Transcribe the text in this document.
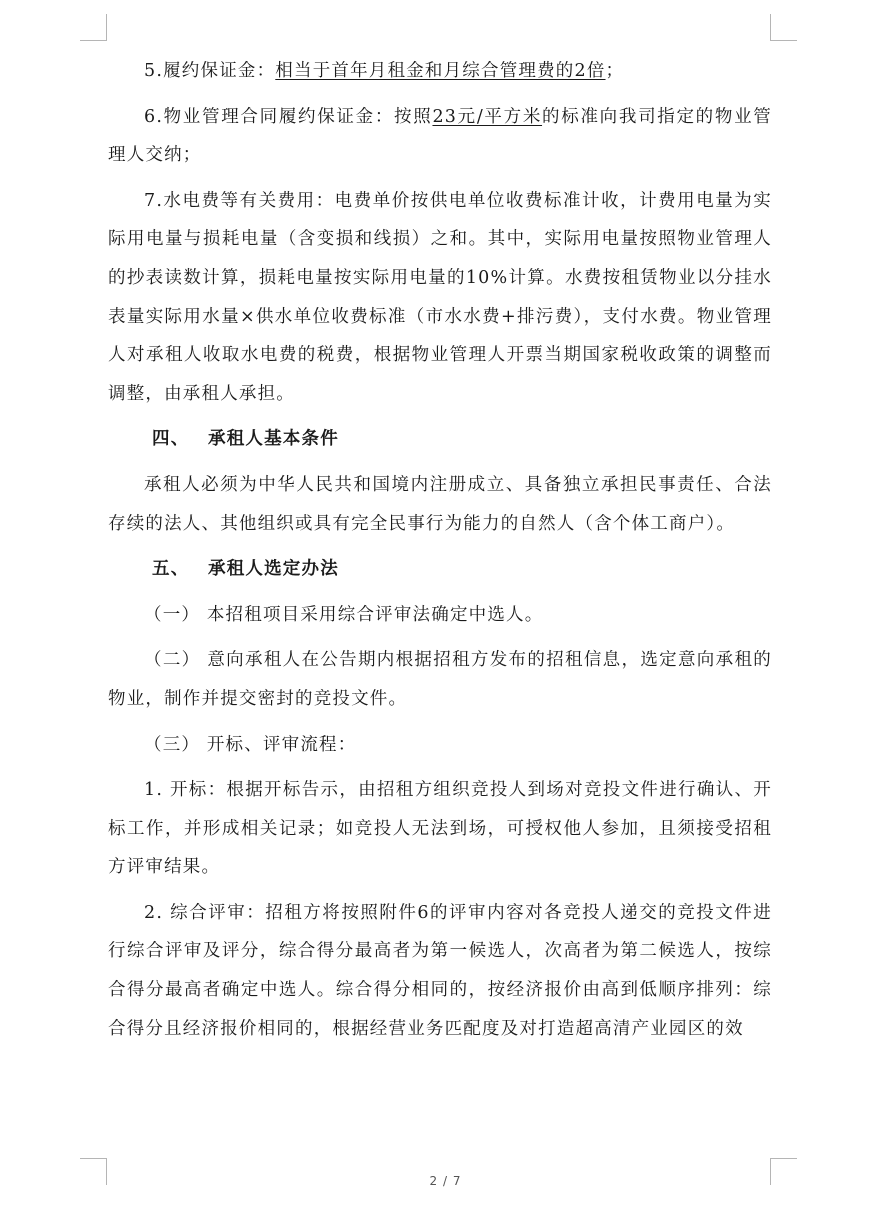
5.履约保证金：相当于首年月租金和月综合管理费的2倍；

6.物业管理合同履约保证金：按照23元/平方米的标准向我司指定的物业管理人交纳；

7.水电费等有关费用：电费单价按供电单位收费标准计收，计费用电量为实际用电量与损耗电量（含变损和线损）之和。其中，实际用电量按照物业管理人的抄表读数计算，损耗电量按实际用电量的10%计算。水费按租赁物业以分挂水表量实际用水量×供水单位收费标准（市水水费+排污费），支付水费。物业管理人对承租人收取水电费的税费，根据物业管理人开票当期国家税收政策的调整而调整，由承租人承担。

四、 承租人基本条件

承租人必须为中华人民共和国境内注册成立、具备独立承担民事责任、合法存续的法人、其他组织或具有完全民事行为能力的自然人（含个体工商户）。

五、 承租人选定办法

（一） 本招租项目采用综合评审法确定中选人。

（二） 意向承租人在公告期内根据招租方发布的招租信息，选定意向承租的物业，制作并提交密封的竞投文件。

（三） 开标、评审流程：

1. 开标：根据开标告示，由招租方组织竞投人到场对竞投文件进行确认、开标工作，并形成相关记录；如竞投人无法到场，可授权他人参加，且须接受招租方评审结果。

2. 综合评审：招租方将按照附件6的评审内容对各竞投人递交的竞投文件进行综合评审及评分，综合得分最高者为第一候选人，次高者为第二候选人，按综合得分最高者确定中选人。综合得分相同的，按经济报价由高到低顺序排列：综合得分且经济报价相同的，根据经营业务匹配度及对打造超高清产业园区的效

2 / 7
